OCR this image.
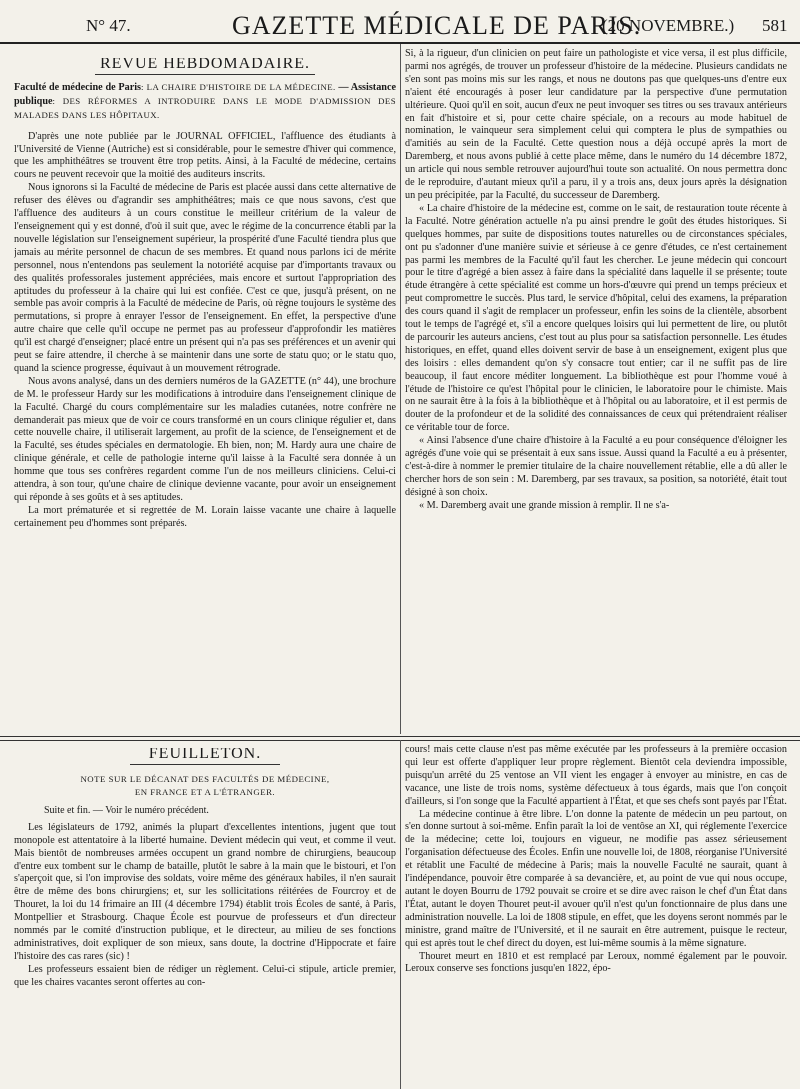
N° 47.	GAZETTE MÉDICALE DE PARIS.
(20 NOVEMBRE.) 581
REVUE HEBDOMADAIRE.
Faculté de médecine de Paris: LA CHAIRE D'HISTOIRE DE LA MÉDECINE. — Assistance publique: DES RÉFORMES A INTRODUIRE DANS LE MODE D'ADMISSION DES MALADES DANS LES HÔPITAUX.

D'après une note publiée par le JOURNAL OFFICIEL, l'affluence des étudiants à l'Université de Vienne (Autriche) est si considérable, pour le semestre d'hiver qui commence, que les amphithéâtres se trouvent être trop petits. Ainsi, à la Faculté de médecine, certains cours ne peuvent recevoir que la moitié des auditeurs inscrits.

Nous ignorons si la Faculté de médecine de Paris est placée aussi dans cette alternative de refuser des élèves ou d'agrandir ses amphithéâtres; mais ce que nous savons, c'est que l'affluence des auditeurs à un cours constitue le meilleur critérium de la valeur de l'enseignement qui y est donné, d'où il suit que, avec le régime de la concurrence établi par la nouvelle législation sur l'enseignement supérieur, la prospérité d'une Faculté tiendra plus que jamais au mérite personnel de chacun de ses membres. Et quand nous parlons ici de mérite personnel, nous n'entendons pas seulement la notoriété acquise par d'importants travaux ou des qualités professorales justement appréciées, mais encore et surtout l'appropriation des aptitudes du professeur à la chaire qui lui est confiée. C'est ce que, jusqu'à présent, on ne semble pas avoir compris à la Faculté de médecine de Paris, où règne toujours le système des permutations, si propre à enrayer l'essor de l'enseignement. En effet, la perspective d'une autre chaire que celle qu'il occupe ne permet pas au professeur d'approfondir les matières qu'il est chargé d'enseigner; placé entre un présent qui n'a pas ses préférences et un avenir qui peut se faire attendre, il cherche à se maintenir dans une sorte de statu quo; or le statu quo, quand la science progresse, équivaut à un mouvement rétrograde.

Nous avons analysé, dans un des derniers numéros de la GAZETTE (n° 44), une brochure de M. le professeur Hardy sur les modifications à introduire dans l'enseignement clinique de la Faculté. Chargé du cours complémentaire sur les maladies cutanées, notre confrère ne demanderait pas mieux que de voir ce cours transformé en un cours clinique régulier et, dans cette nouvelle chaire, il utiliserait largement, au profit de la science, de l'enseignement et de la Faculté, ses études spéciales en dermatologie. Eh bien, non; M. Hardy aura une chaire de clinique générale, et celle de pathologie interne qu'il laisse à la Faculté sera donnée à un homme que tous ses confrères regardent comme l'un de nos meilleurs cliniciens. Celui-ci attendra, à son tour, qu'une chaire de clinique devienne vacante, pour avoir un enseignement qui réponde à ses goûts et à ses aptitudes.

La mort prématurée et si regrettée de M. Lorain laisse vacante une chaire à laquelle certainement peu d'hommes sont préparés.

Si, à la rigueur, d'un clinicien on peut faire un pathologiste et vice versa, il est plus difficile, parmi nos agrégés, de trouver un professeur d'histoire de la médecine. Plusieurs candidats ne s'en sont pas moins mis sur les rangs, et nous ne doutons pas que quelques-uns d'entre eux n'aient été encouragés à poser leur candidature par la perspective d'une permutation ultérieure. Quoi qu'il en soit, aucun d'eux ne peut invoquer ses titres ou ses travaux antérieurs en fait d'histoire et si, pour cette chaire spéciale, on a recours au mode habituel de nomination, le vainqueur sera simplement celui qui comptera le plus de sympathies ou d'amitiés au sein de la Faculté. Cette question nous a déjà occupé après la mort de Daremberg, et nous avons publié à cette place même, dans le numéro du 14 décembre 1872, un article qui nous semble retrouver aujourd'hui toute son actualité. On nous permettra donc de le reproduire, d'autant mieux qu'il a paru, il y a trois ans, deux jours après la désignation un peu précipitée, par la Faculté, du successeur de Daremberg.

« La chaire d'histoire de la médecine est, comme on le sait, de restauration toute récente à la Faculté. Notre génération actuelle n'a pu ainsi prendre le goût des études historiques. Si quelques hommes, par suite de dispositions toutes naturelles ou de circonstances spéciales, ont pu s'adonner d'une manière suivie et sérieuse à ce genre d'études, ce n'est certainement pas parmi les membres de la Faculté qu'il faut les chercher. Le jeune médecin qui concourt pour le titre d'agrégé a bien assez à faire dans la spécialité dans laquelle il se présente; toute étude étrangère à cette spécialité est comme un hors-d'œuvre qui prend un temps précieux et peut compromettre le succès. Plus tard, le service d'hôpital, celui des examens, la préparation des cours quand il s'agit de remplacer un professeur, enfin les soins de la clientèle, absorbent tout le temps de l'agrégé et, s'il a encore quelques loisirs qui lui permettent de lire, ou plutôt de parcourir les auteurs anciens, c'est tout au plus pour sa satisfaction personnelle. Les études historiques, en effet, quand elles doivent servir de base à un enseignement, exigent plus que des loisirs : elles demandent qu'on s'y consacre tout entier; car il ne suffit pas de lire beaucoup, il faut encore méditer longuement. La bibliothèque est pour l'homme voué à l'étude de l'histoire ce qu'est l'hôpital pour le clinicien, le laboratoire pour le chimiste. Mais on ne saurait être à la fois à la bibliothèque et à l'hôpital ou au laboratoire, et il est permis de douter de la profondeur et de la solidité des connaissances de ceux qui prétendraient réaliser ce véritable tour de force.

« Ainsi l'absence d'une chaire d'histoire à la Faculté a eu pour conséquence d'éloigner les agrégés d'une voie qui se présentait à eux sans issue. Aussi quand la Faculté a eu à présenter, c'est-à-dire à nommer le premier titulaire de la chaire nouvellement rétablie, elle a dû aller le chercher hors de son sein : M. Daremberg, par ses travaux, sa position, sa notoriété, était tout désigné à son choix.

« M. Daremberg avait une grande mission à remplir. Il ne s'a-

FEUILLETON.
NOTE SUR LE DÉCANAT DES FACULTÉS DE MÉDECINE,
EN FRANCE ET A L'ÉTRANGER.

Suite et fin. — Voir le numéro précédent.

Les législateurs de 1792, animés la plupart d'excellentes intentions, jugent que tout monopole est attentatoire à la liberté humaine. Devient médecin qui veut, et comme il veut. Mais bientôt de nombreuses armées occupent un grand nombre de chirurgiens, beaucoup d'entre eux tombent sur le champ de bataille, plutôt le sabre à la main que le bistouri, et l'on s'aperçoit que, si l'on improvise des soldats, voire même des généraux habiles, il n'en saurait être de même des bons chirurgiens; et, sur les sollicitations réitérées de Fourcroy et de Thouret, la loi du 14 frimaire an III (4 décembre 1794) établit trois Écoles de santé, à Paris, Montpellier et Strasbourg. Chaque École est pourvue de professeurs et d'un directeur nommés par le comité d'instruction publique, et le directeur, au milieu de ses fonctions administratives, doit expliquer de son mieux, sans doute, la doctrine d'Hippocrate et faire l'histoire des cas rares (sic) !

Les professeurs essaient bien de rédiger un règlement. Celui-ci stipule, article premier, que les chaires vacantes seront offertes au con-

cours! mais cette clause n'est pas même exécutée par les professeurs à la première occasion qui leur est offerte d'appliquer leur propre règlement. Bientôt cela deviendra impossible, puisqu'un arrêté du 25 ventose an VII vient les engager à envoyer au ministre, en cas de vacance, une liste de trois noms, système défectueux à tous égards, mais que l'on conçoit d'ailleurs, si l'on songe que la Faculté appartient à l'État, et que ses chefs sont payés par l'État.

La médecine continue à être libre. L'on donne la patente de médecin un peu partout, on s'en donne surtout à soi-même. Enfin paraît la loi de ventôse an XI, qui réglemente l'exercice de la médecine; cette loi, toujours en vigueur, ne modifie pas assez sérieusement l'organisation défectueuse des Écoles. Enfin une nouvelle loi, de 1808, réorganise l'Université et rétablit une Faculté de médecine à Paris; mais la nouvelle Faculté ne saurait, quant à l'indépendance, pouvoir être comparée à sa devancière, et, au point de vue qui nous occupe, autant le doyen Bourru de 1792 pouvait se croire et se dire avec raison le chef d'un État dans l'État, autant le doyen Thouret peut-il avouer qu'il n'est qu'un fonctionnaire de plus dans une administration nouvelle. La loi de 1808 stipule, en effet, que les doyens seront nommés par le ministre, grand maître de l'Université, et il ne saurait en être autrement, puisque le recteur, qui est après tout le chef direct du doyen, est lui-même soumis à la même signature.

Thouret meurt en 1810 et est remplacé par Leroux, nommé également par le pouvoir. Leroux conserve ses fonctions jusqu'en 1822, épo-
